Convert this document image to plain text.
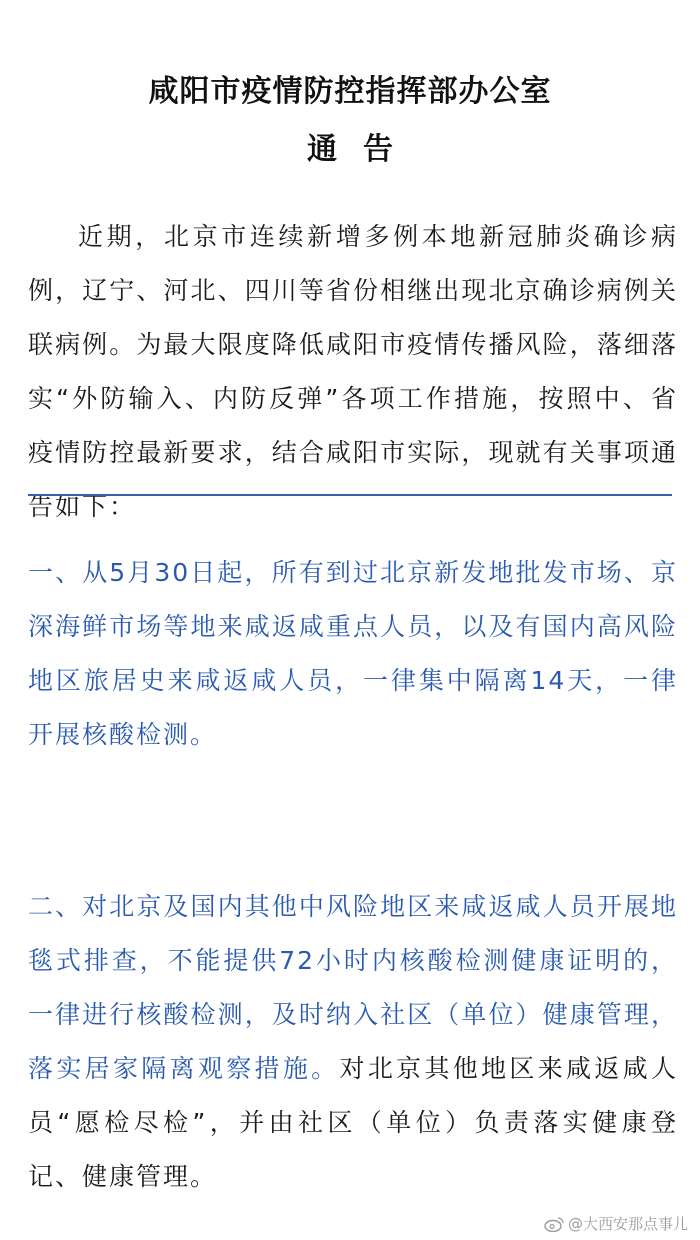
咸阳市疫情防控指挥部办公室
通告

近期，北京市连续新增多例本地新冠肺炎确诊病例，辽宁、河北、四川等省份相继出现北京确诊病例关联病例。为最大限度降低咸阳市疫情传播风险，落细落实“外防输入、内防反弹”各项工作措施，按照中、省疫情防控最新要求，结合咸阳市实际，现就有关事项通告如下：

一、从5月30日起，所有到过北京新发地批发市场、京深海鲜市场等地来咸返咸重点人员，以及有国内高风险地区旅居史来咸返咸人员，一律集中隔离14天，一律开展核酸检测。

二、对北京及国内其他中风险地区来咸返咸人员开展地毯式排查，不能提供72小时内核酸检测健康证明的，一律进行核酸检测，及时纳入社区（单位）健康管理，落实居家隔离观察措施。对北京其他地区来咸返咸人员“愿检尽检”，并由社区（单位）负责落实健康登记、健康管理。

@大西安那点事儿
